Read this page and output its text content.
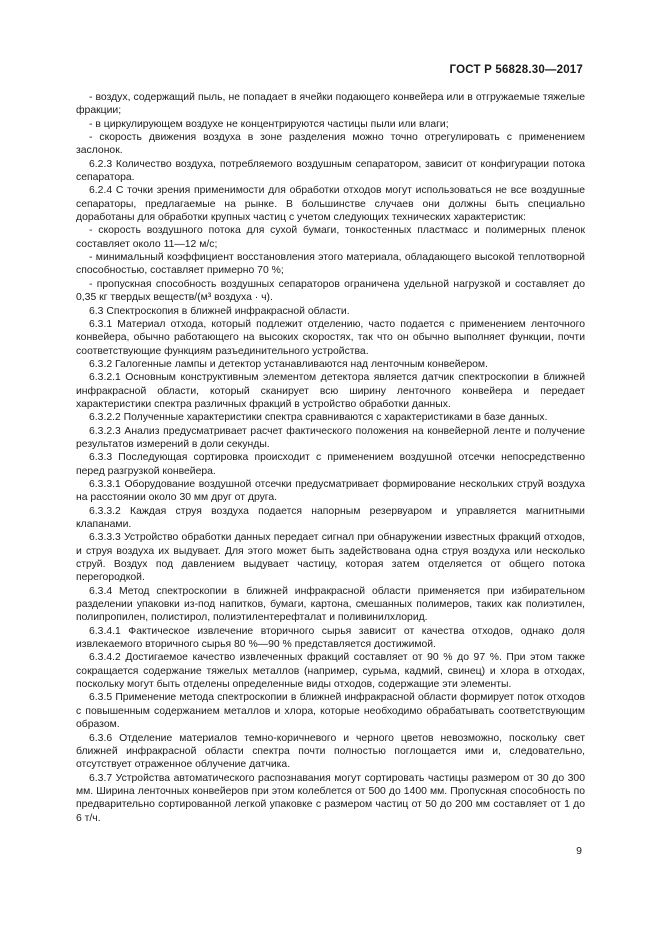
ГОСТ Р 56828.30—2017

- воздух, содержащий пыль, не попадает в ячейки подающего конвейера или в отгружаемые тяжелые фракции;

- в циркулирующем воздухе не концентрируются частицы пыли или влаги;

- скорость движения воздуха в зоне разделения можно точно отрегулировать с применением заслонок.

6.2.3 Количество воздуха, потребляемого воздушным сепаратором, зависит от конфигурации потока сепаратора.

6.2.4 С точки зрения применимости для обработки отходов могут использоваться не все воздушные сепараторы, предлагаемые на рынке. В большинстве случаев они должны быть специально доработаны для обработки крупных частиц с учетом следующих технических характеристик:

- скорость воздушного потока для сухой бумаги, тонкостенных пластмасс и полимерных пленок составляет около 11—12 м/с;

- минимальный коэффициент восстановления этого материала, обладающего высокой теплотворной способностью, составляет примерно 70 %;

- пропускная способность воздушных сепараторов ограничена удельной нагрузкой и составляет до 0,35 кг твердых веществ/(м³ воздуха · ч).

6.3 Спектроскопия в ближней инфракрасной области.

6.3.1 Материал отхода, который подлежит отделению, часто подается с применением ленточного конвейера, обычно работающего на высоких скоростях, так что он обычно выполняет функции, почти соответствующие функциям разъединительного устройства.

6.3.2 Галогенные лампы и детектор устанавливаются над ленточным конвейером.

6.3.2.1 Основным конструктивным элементом детектора является датчик спектроскопии в ближней инфракрасной области, который сканирует всю ширину ленточного конвейера и передает характеристики спектра различных фракций в устройство обработки данных.

6.3.2.2 Полученные характеристики спектра сравниваются с характеристиками в базе данных.

6.3.2.3 Анализ предусматривает расчет фактического положения на конвейерной ленте и получение результатов измерений в доли секунды.

6.3.3 Последующая сортировка происходит с применением воздушной отсечки непосредственно перед разгрузкой конвейера.

6.3.3.1 Оборудование воздушной отсечки предусматривает формирование нескольких струй воздуха на расстоянии около 30 мм друг от друга.

6.3.3.2 Каждая струя воздуха подается напорным резервуаром и управляется магнитными клапанами.

6.3.3.3 Устройство обработки данных передает сигнал при обнаружении известных фракций отходов, и струя воздуха их выдувает. Для этого может быть задействована одна струя воздуха или несколько струй. Воздух под давлением выдувает частицу, которая затем отделяется от общего потока перегородкой.

6.3.4 Метод спектроскопии в ближней инфракрасной области применяется при избирательном разделении упаковки из-под напитков, бумаги, картона, смешанных полимеров, таких как полиэтилен, полипропилен, полистирол, полиэтилентерефталат и поливинилхлорид.

6.3.4.1 Фактическое извлечение вторичного сырья зависит от качества отходов, однако доля извлекаемого вторичного сырья 80 %—90 % представляется достижимой.

6.3.4.2 Достигаемое качество извлеченных фракций составляет от 90 % до 97 %. При этом также сокращается содержание тяжелых металлов (например, сурьма, кадмий, свинец) и хлора в отходах, поскольку могут быть отделены определенные виды отходов, содержащие эти элементы.

6.3.5 Применение метода спектроскопии в ближней инфракрасной области формирует поток отходов с повышенным содержанием металлов и хлора, которые необходимо обрабатывать соответствующим образом.

6.3.6 Отделение материалов темно-коричневого и черного цветов невозможно, поскольку свет ближней инфракрасной области спектра почти полностью поглощается ими и, следовательно, отсутствует отраженное облучение датчика.

6.3.7 Устройства автоматического распознавания могут сортировать частицы размером от 30 до 300 мм. Ширина ленточных конвейеров при этом колеблется от 500 до 1400 мм. Пропускная способность по предварительно сортированной легкой упаковке с размером частиц от 50 до 200 мм составляет от 1 до 6 т/ч.

9
